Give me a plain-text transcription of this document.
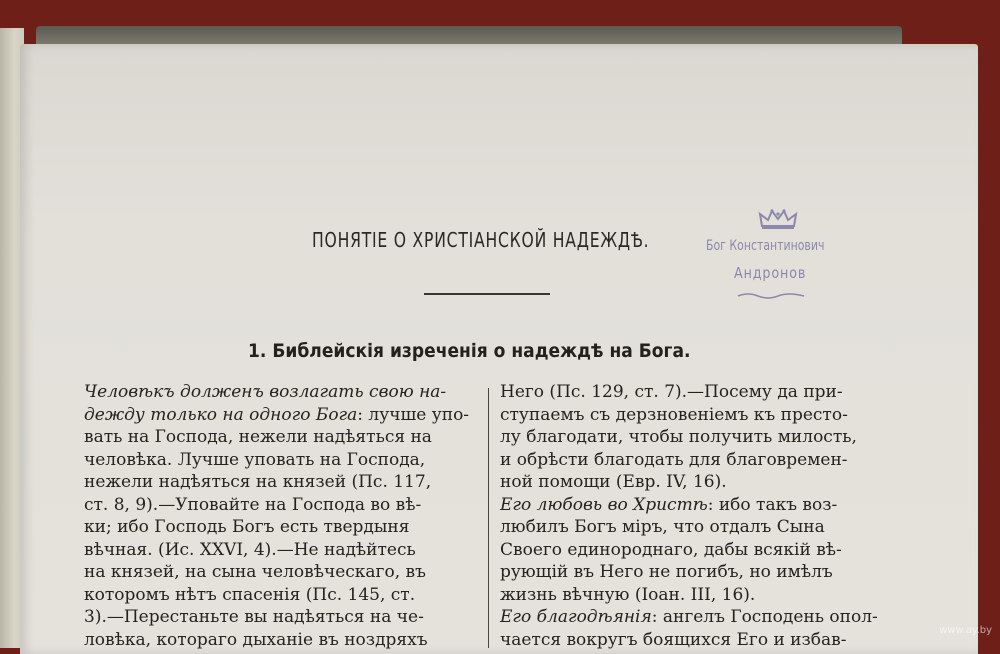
ПОНЯТІЕ О ХРИСТІАНСКОЙ НАДЕЖДѢ.	Бог Константинович
Андронов
1. Библейскія изреченія о надеждѣ на Бога.
Человѣкъ долженъ возлагать свою на-
дежду только на одного Бога: лучше упо-
вать на Господа, нежели надѣяться на
человѣка. Лучше уповать на Господа,
нежели надѣяться на князей (Пс. 117,
ст. 8, 9).—Уповайте на Господа во вѣ-
ки; ибо Господь Богъ есть твердыня
вѣчная. (Ис. XXVI, 4).—Не надѣйтесь
на князей, на сына человѣческаго, въ
которомъ нѣтъ спасенія (Пс. 145, ст.
3).—Перестаньте вы надѣяться на че-
ловѣка, котораго дыханіе въ ноздряхъ
Него (Пс. 129, ст. 7).—Посему да при-
ступаемъ съ дерзновеніемъ къ престо-
лу благодати, чтобы получить милость,
и обрѣсти благодать для благовремен-
ной помощи (Евр. IV, 16).
Его любовь во Христѣ: ибо такъ воз-
любилъ Богъ міръ, что отдалъ Сына
Своего единороднаго, дабы всякій вѣ-
рующій въ Него не погибъ, но имѣлъ
жизнь вѣчную (Іоан. III, 16).
Его благодѣянія: ангелъ Господень опол-
чается вокругъ боящихся Его и избав-	www.ay.by
